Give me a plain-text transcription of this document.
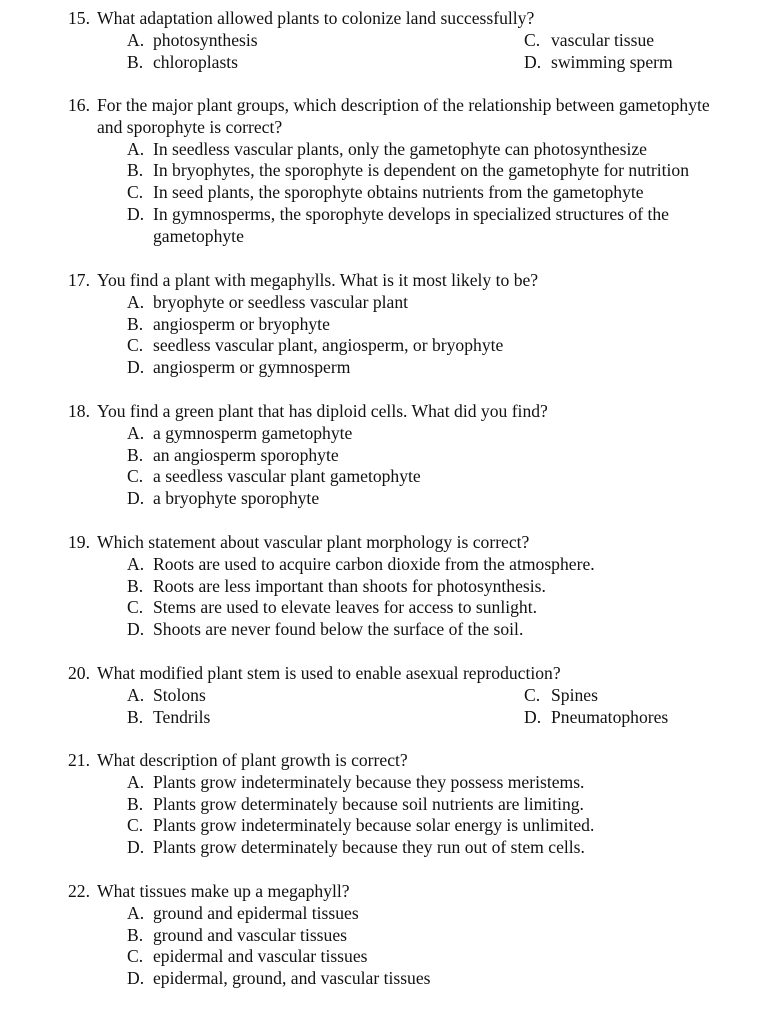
15. What adaptation allowed plants to colonize land successfully?
A. photosynthesis
B. chloroplasts
C. vascular tissue
D. swimming sperm
16. For the major plant groups, which description of the relationship between gametophyte
and sporophyte is correct?
A. In seedless vascular plants, only the gametophyte can photosynthesize
B. In bryophytes, the sporophyte is dependent on the gametophyte for nutrition
C. In seed plants, the sporophyte obtains nutrients from the gametophyte
D. In gymnosperms, the sporophyte develops in specialized structures of the
gametophyte
17. You find a plant with megaphylls. What is it most likely to be?
A. bryophyte or seedless vascular plant
B. angiosperm or bryophyte
C. seedless vascular plant, angiosperm, or bryophyte
D. angiosperm or gymnosperm
18. You find a green plant that has diploid cells. What did you find?
A. a gymnosperm gametophyte
B. an angiosperm sporophyte
C. a seedless vascular plant gametophyte
D. a bryophyte sporophyte
19. Which statement about vascular plant morphology is correct?
A. Roots are used to acquire carbon dioxide from the atmosphere.
B. Roots are less important than shoots for photosynthesis.
C. Stems are used to elevate leaves for access to sunlight.
D. Shoots are never found below the surface of the soil.
20. What modified plant stem is used to enable asexual reproduction?
A. Stolons
B. Tendrils
C. Spines
D. Pneumatophores
21. What description of plant growth is correct?
A. Plants grow indeterminately because they possess meristems.
B. Plants grow determinately because soil nutrients are limiting.
C. Plants grow indeterminately because solar energy is unlimited.
D. Plants grow determinately because they run out of stem cells.
22. What tissues make up a megaphyll?
A. ground and epidermal tissues
B. ground and vascular tissues
C. epidermal and vascular tissues
D. epidermal, ground, and vascular tissues
